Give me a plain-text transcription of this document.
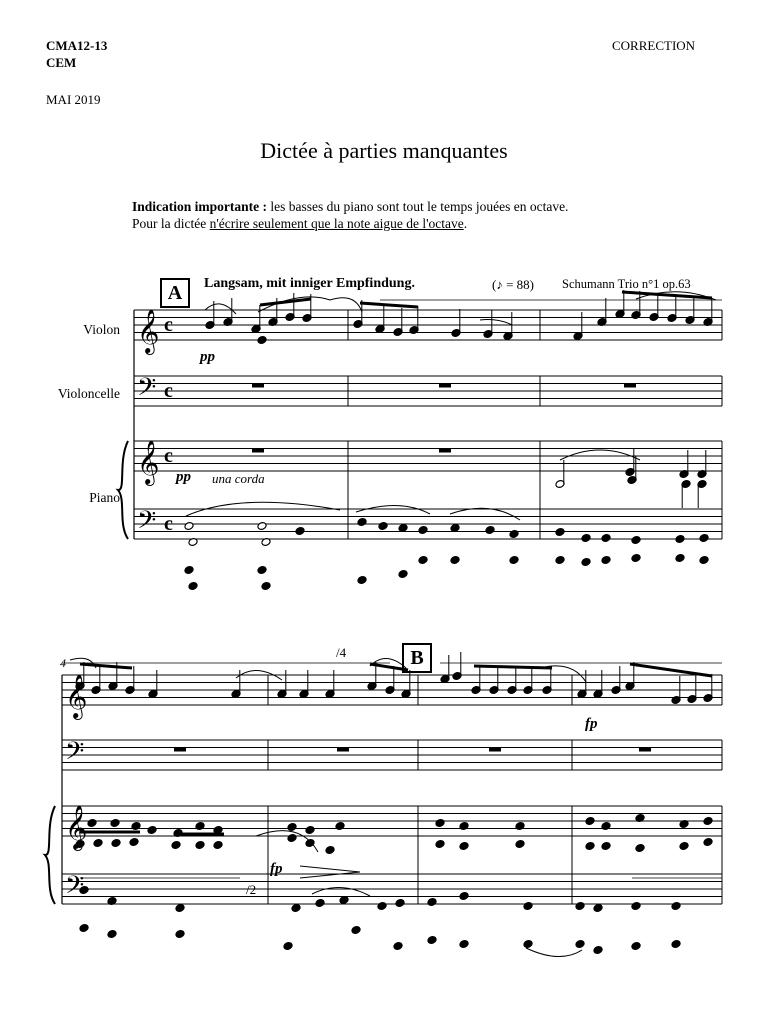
CMA12-13
CEM
MAI 2019
CORRECTION
Dictée à parties manquantes
Indication importante : les basses du piano sont tout le temps jouées en octave.
Pour la dictée n'écrire seulement que la note aigue de l'octave.
𝄞
𝄢
𝄞
𝄢
c
c
c
c
𝄞
𝄢
𝄞
𝄢
A
B
Langsam, mit inniger Empfindung.	(♪ = 88) Schumann Trio n°1 op.63
Violon
Violoncelle
Piano
pp
pp una corda
fp
fp
4
/4
/2
